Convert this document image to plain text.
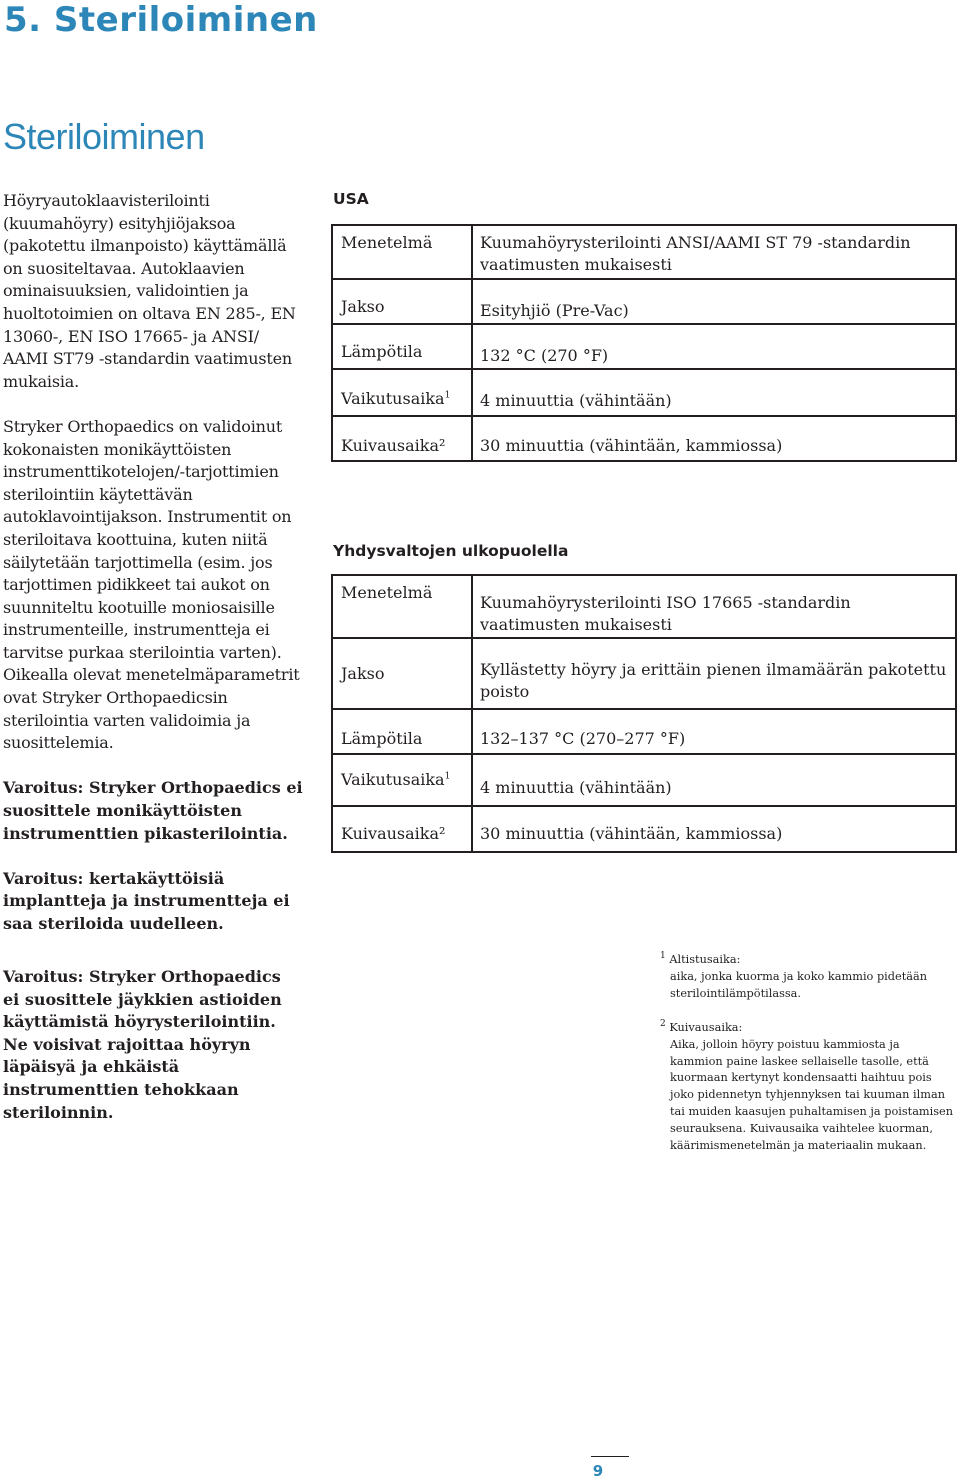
5. Steriloiminen
Steriloiminen

Höyryautoklaavisterilointi (kuumahöyry) esityhjiöjaksoa (pakotettu ilmanpoisto) käyttämällä on suositeltavaa. Autoklaavien ominaisuuksien, validointien ja huoltotoimien on oltava EN 285-, EN 13060-, EN ISO 17665- ja ANSI/ AAMI ST79 -standardin vaatimusten mukaisia.

Stryker Orthopaedics on validoinut kokonaisten monikäyttöisten instrumenttikotelojen/-tarjottimien sterilointiin käytettävän autoklavointijakson. Instrumentit on steriloitava koottuina, kuten niitä säilytetään tarjottimella (esim. jos tarjottimen pidikkeet tai aukot on suunniteltu kootuille moniosaisille instrumenteille, instrumentteja ei tarvitse purkaa sterilointia varten). Oikealla olevat menetelmäparametrit ovat Stryker Orthopaedicsin sterilointia varten validoimia ja suosittelemia.

Varoitus: Stryker Orthopaedics ei suosittele monikäyttöisten instrumenttien pikasterilointia.

Varoitus: kertakäyttöisiä implantteja ja instrumentteja ei saa steriloida uudelleen.

Varoitus: Stryker Orthopaedics ei suosittele jäykkien astioiden käyttämistä höyrysterilointiin. Ne voisivat rajoittaa höyryn läpäisyä ja ehkäistä instrumenttien tehokkaan steriloinnin.
USA
Menetelmä	Kuumahöyrysterilointi ANSI/AAMI ST 79 -standardin vaatimusten mukaisesti
Jakso	Esityhjiö (Pre-Vac)
Lämpötila	132 °C (270 °F)
Vaikutusaika$^1$	4 minuuttia (vähintään)
Kuivausaika²	30 minuuttia (vähintään, kammiossa)
Yhdysvaltojen ulkopuolella
Menetelmä	Kuumahöyrysterilointi ISO 17665 -standardin vaatimusten mukaisesti
Jakso	Kyllästetty höyry ja erittäin pienen ilmamäärän pakotettu poisto
Lämpötila	132–137 °C (270–277 °F)
Vaikutusaika$^1$	4 minuuttia (vähintään)
Kuivausaika²	30 minuuttia (vähintään, kammiossa)
$^1$ Altistusaika:
aika, jonka kuorma ja koko kammio pidetään sterilointilämpötilassa.
$^2$ Kuivausaika:
Aika, jolloin höyry poistuu kammiosta ja kammion paine laskee sellaiselle tasolle, että kuormaan kertynyt kondensaatti haihtuu pois joko pidennetyn tyhjennyksen tai kuuman ilman tai muiden kaasujen puhaltamisen ja poistamisen seurauksena. Kuivausaika vaihtelee kuorman, käärimismenetelmän ja materiaalin mukaan.
9
